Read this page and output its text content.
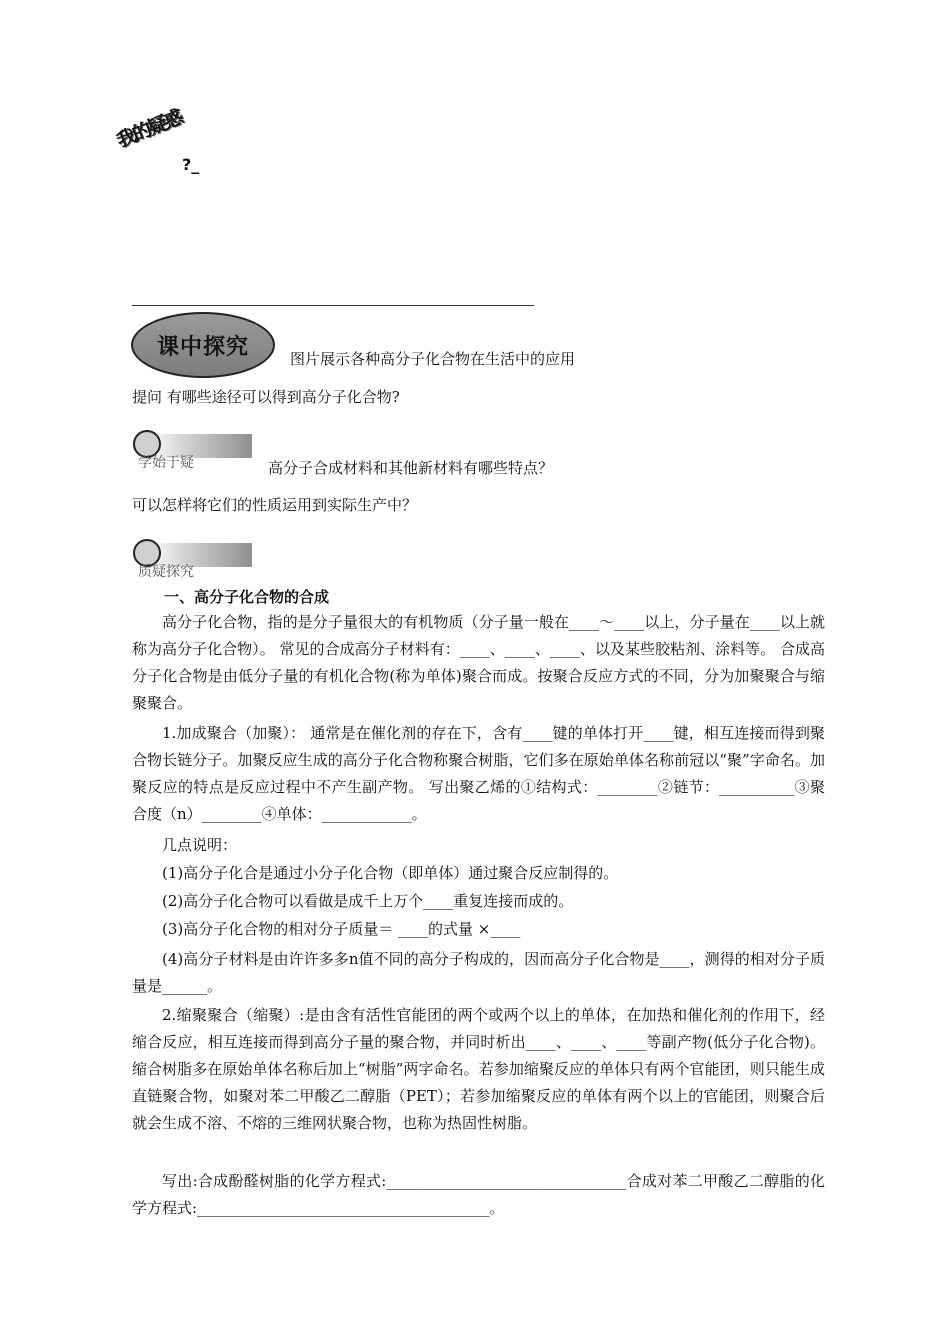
我的疑惑
?_
课中探究	图片展示各种高分子化合物在生活中的应用
提问 有哪些途径可以得到高分子化合物?
学始于疑	高分子合成材料和其他新材料有哪些特点？
可以怎样将它们的性质运用到实际生产中？
质疑探究
一、高分子化合物的合成
高分子化合物，指的是分子量很大的有机物质（分子量一般在____～____以上，分子量在____以上就称为高分子化合物）。 常见的合成高分子材料有：____、____、____、以及某些胶粘剂、涂料等。 合成高分子化合物是由低分子量的有机化合物(称为单体)聚合而成。按聚合反应方式的不同，分为加聚聚合与缩聚聚合。
1.加成聚合（加聚）： 通常是在催化剂的存在下，含有____键的单体打开____键，相互连接而得到聚合物长链分子。加聚反应生成的高分子化合物称聚合树脂，它们多在原始单体名称前冠以“聚”字命名。加聚反应的特点是反应过程中不产生副产物。 写出聚乙烯的①结构式：________②链节：__________③聚合度（n）________④单体：____________。
几点说明：
(1)高分子化合是通过小分子化合物（即单体）通过聚合反应制得的。
(2)高分子化合物可以看做是成千上万个____重复连接而成的。
(3)高分子化合物的相对分子质量＝ ____的式量 ×____
(4)高分子材料是由许许多多n值不同的高分子构成的，因而高分子化合物是____，测得的相对分子质量是______。
2.缩聚聚合（缩聚）:是由含有活性官能团的两个或两个以上的单体，在加热和催化剂的作用下，经缩合反应，相互连接而得到高分子量的聚合物，并同时析出____、____、____等副产物(低分子化合物)。缩合树脂多在原始单体名称后加上“树脂”两字命名。若参加缩聚反应的单体只有两个官能团，则只能生成直链聚合物，如聚对苯二甲酸乙二醇脂（PET）；若参加缩聚反应的单体有两个以上的官能团，则聚合后就会生成不溶、不熔的三维网状聚合物，也称为热固性树脂。
写出:合成酚醛树脂的化学方程式:________________________________合成对苯二甲酸乙二醇脂的化学方程式:_______________________________________。
